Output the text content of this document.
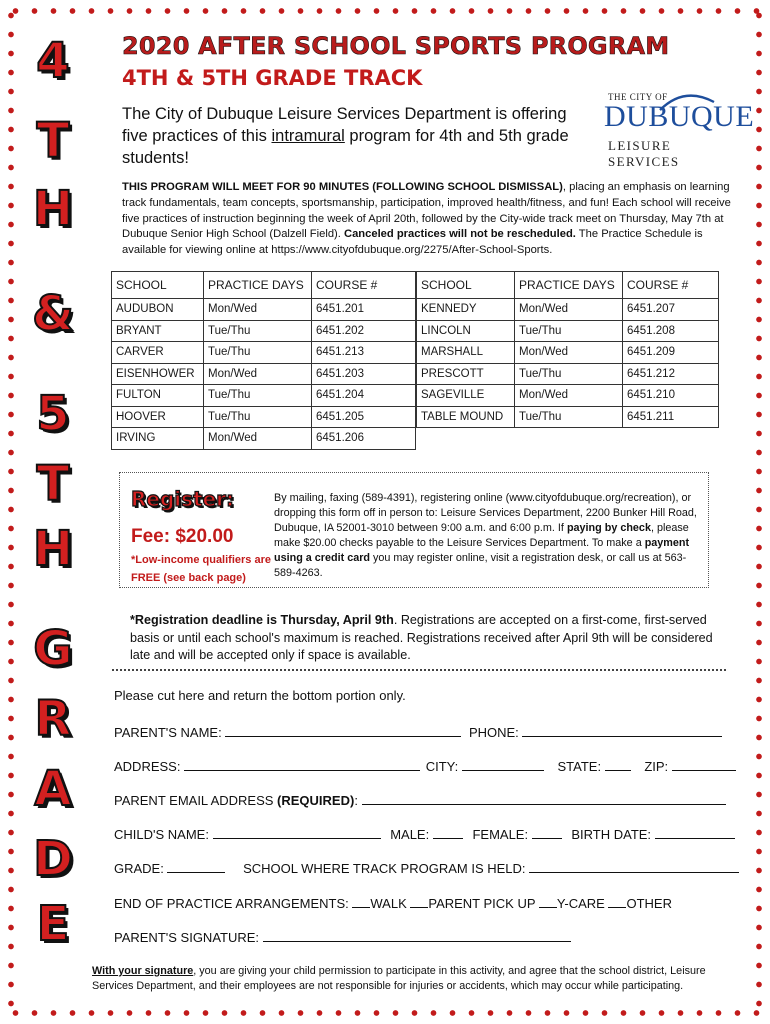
4
T
H
&
5
T
H
G
R
A
D
E
2020 AFTER SCHOOL SPORTS PROGRAM
4TH & 5TH GRADE TRACK
The City of Dubuque Leisure Services Department is offering five practices of this intramural program for 4th and 5th grade students!
THE CITY OF
DUBUQUE
LEISURE SERVICES
THIS PROGRAM WILL MEET FOR 90 MINUTES (FOLLOWING SCHOOL DISMISSAL), placing an emphasis on learning track fundamentals, team concepts, sportsmanship, participation, improved health/fitness, and fun! Each school will receive five practices of instruction beginning the week of April 20th, followed by the City-wide track meet on Thursday, May 7th at Dubuque Senior High School (Dalzell Field). Canceled practices will not be rescheduled. The Practice Schedule is available for viewing online at https://www.cityofdubuque.org/2275/After-School-Sports.
SCHOOL	PRACTICE DAYS	COURSE #
AUDUBON	Mon/Wed	6451.201
BRYANT	Tue/Thu	6451.202
CARVER	Tue/Thu	6451.213
EISENHOWER	Mon/Wed	6451.203
FULTON	Tue/Thu	6451.204
HOOVER	Tue/Thu	6451.205
IRVING	Mon/Wed	6451.206
SCHOOL	PRACTICE DAYS	COURSE #
KENNEDY	Mon/Wed	6451.207
LINCOLN	Tue/Thu	6451.208
MARSHALL	Mon/Wed	6451.209
PRESCOTT	Tue/Thu	6451.212
SAGEVILLE	Mon/Wed	6451.210
TABLE MOUND	Tue/Thu	6451.211
Register:
Fee: $20.00
*Low-income qualifiers are FREE (see back page)
By mailing, faxing (589-4391), registering online (www.cityofdubuque.org/recreation), or dropping this form off in person to: Leisure Services Department, 2200 Bunker Hill Road, Dubuque, IA 52001-3010 between 9:00 a.m. and 6:00 p.m. If paying by check, please make $20.00 checks payable to the Leisure Services Department. To make a payment using a credit card you may register online, visit a registration desk, or call us at 563-589-4263.
*Registration deadline is Thursday, April 9th. Registrations are accepted on a first-come, first-served basis or until each school's maximum is reached. Registrations received after April 9th will be considered late and will be accepted only if space is available.
Please cut here and return the bottom portion only.
PARENT'S NAME:	PHONE:
ADDRESS:	CITY:	STATE:	ZIP:
PARENT EMAIL ADDRESS (REQUIRED):
CHILD'S NAME:	MALE:	FEMALE:	BIRTH DATE:
GRADE:	SCHOOL WHERE TRACK PROGRAM IS HELD:
END OF PRACTICE ARRANGEMENTS: WALK PARENT PICK UP Y-CARE OTHER
PARENT'S SIGNATURE:
With your signature, you are giving your child permission to participate in this activity, and agree that the school district, Leisure Services Department, and their employees are not responsible for injuries or accidents, which may occur while participating.
